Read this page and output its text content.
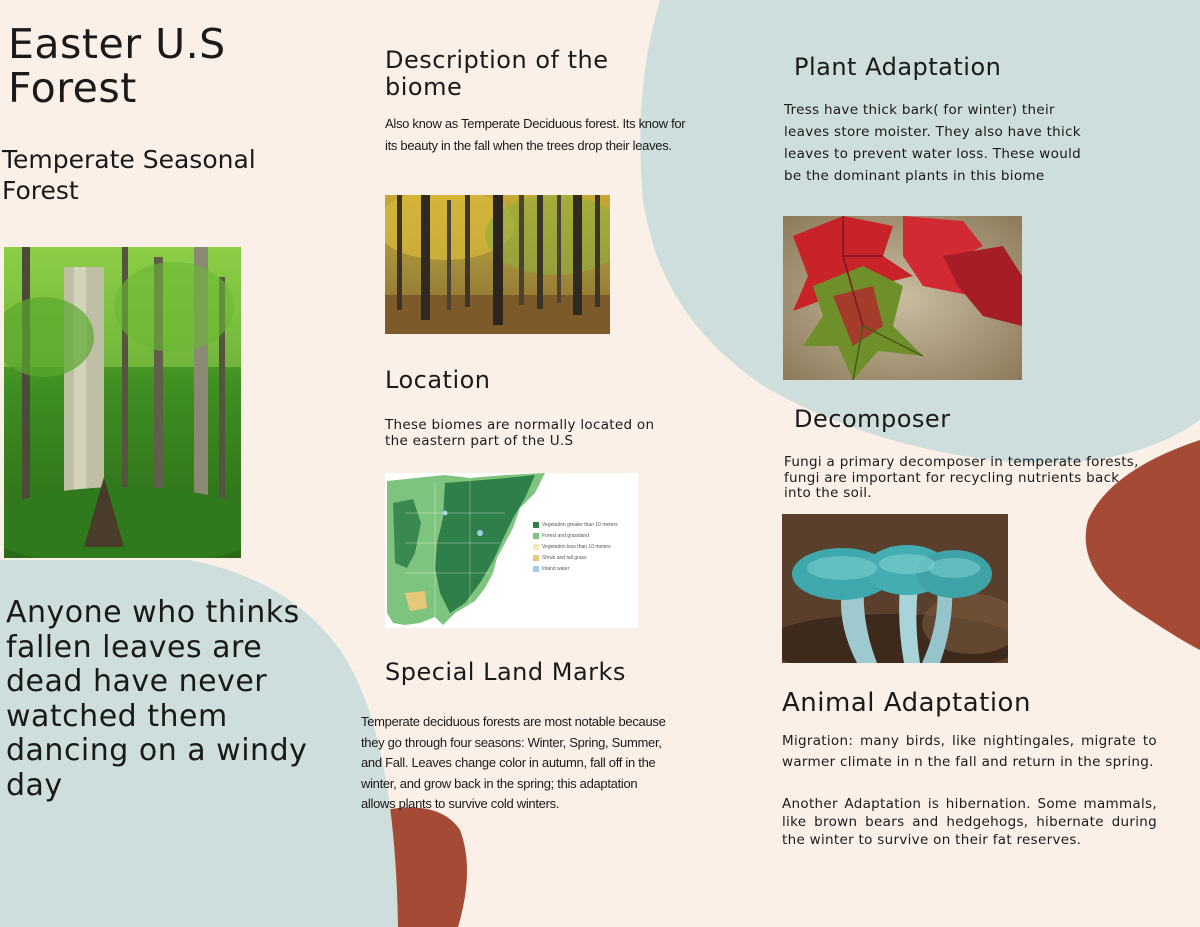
Easter U.S Forest
Temperate Seasonal Forest

Anyone who thinks fallen leaves are dead have never watched them dancing on a windy day

Description of the biome

Also know as Temperate Deciduous forest. Its know for its beauty in the fall when the trees drop their leaves.

Location

These biomes are normally located on the eastern part of the U.S

Vegetation greater than 10 meters
Forest and grassland
Vegetation less than 10 meters
Shrub and tall grass
Inland water
Special Land Marks

Temperate deciduous forests are most notable because they go through four seasons: Winter, Spring, Summer, and Fall. Leaves change color in autumn, fall off in the winter, and grow back in the spring; this adaptation allows plants to survive cold winters.

Plant Adaptation

Tress have thick bark( for winter) their leaves store moister. They also have thick leaves to prevent water loss. These would be the dominant plants in this biome

Decomposer

Fungi a primary decomposer in temperate forests, fungi are important for recycling nutrients back into the soil.

Animal Adaptation

Migration: many birds, like nightingales, migrate to warmer climate in n the fall and return in the spring.

Another Adaptation is hibernation. Some mammals, like brown bears and hedgehogs, hibernate during the winter to survive on their fat reserves.
